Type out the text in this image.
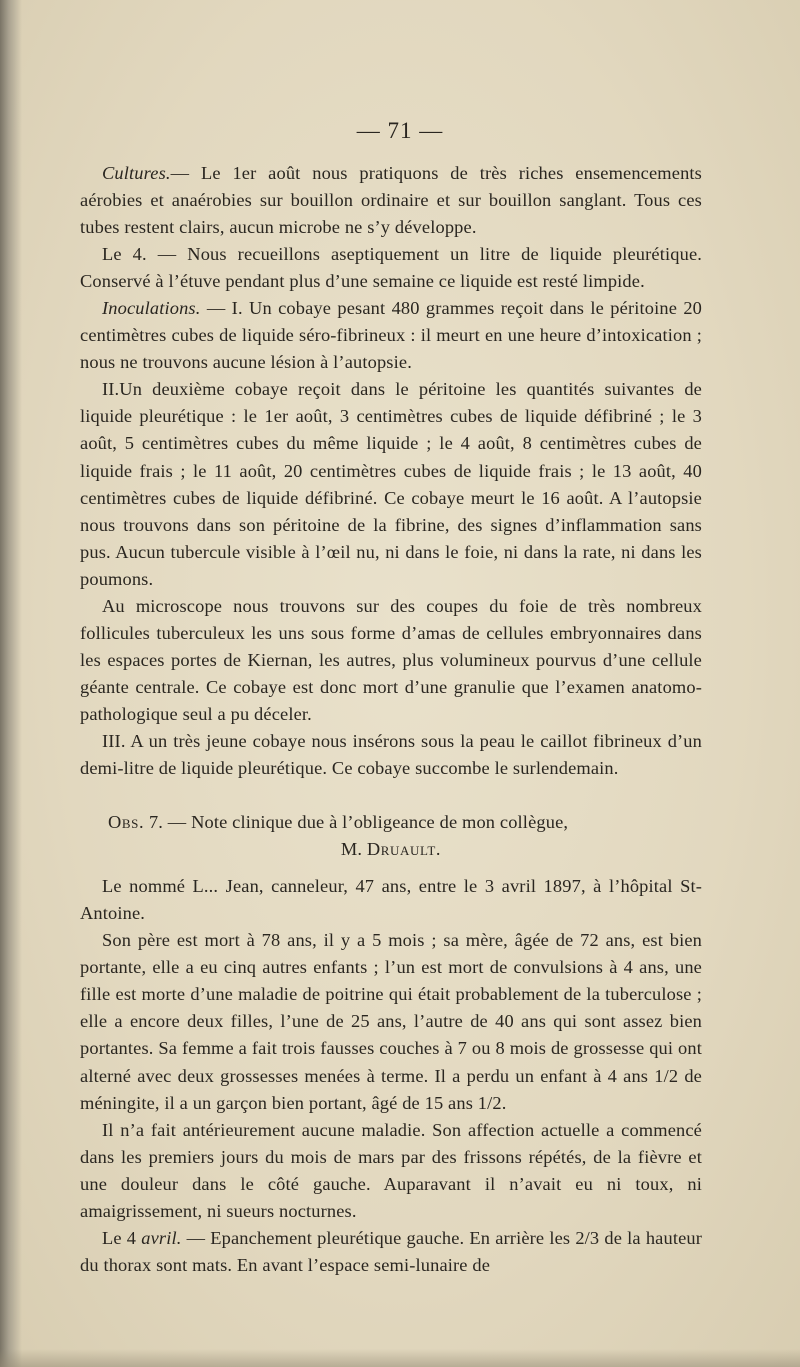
— 71 —

Cultures.— Le 1er août nous pratiquons de très riches ensemencements aérobies et anaérobies sur bouillon ordinaire et sur bouillon sanglant. Tous ces tubes restent clairs, aucun microbe ne s’y développe.

Le 4. — Nous recueillons aseptiquement un litre de liquide pleurétique. Conservé à l’étuve pendant plus d’une semaine ce liquide est resté limpide.

Inoculations. — I. Un cobaye pesant 480 grammes reçoit dans le péritoine 20 centimètres cubes de liquide séro-fibrineux : il meurt en une heure d’intoxication ; nous ne trouvons aucune lésion à l’autopsie.

II.Un deuxième cobaye reçoit dans le péritoine les quantités suivantes de liquide pleurétique : le 1er août, 3 centimètres cubes de liquide défibriné ; le 3 août, 5 centimètres cubes du même liquide ; le 4 août, 8 centimètres cubes de liquide frais ; le 11 août, 20 centimètres cubes de liquide frais ; le 13 août, 40 centimètres cubes de liquide défibriné. Ce cobaye meurt le 16 août. A l’autopsie nous trouvons dans son péritoine de la fibrine, des signes d’inflammation sans pus. Aucun tubercule visible à l’œil nu, ni dans le foie, ni dans la rate, ni dans les poumons.

Au microscope nous trouvons sur des coupes du foie de très nombreux follicules tuberculeux les uns sous forme d’amas de cellules embryonnaires dans les espaces portes de Kiernan, les autres, plus volumineux pourvus d’une cellule géante centrale. Ce cobaye est donc mort d’une granulie que l’examen anatomo-pathologique seul a pu déceler.

III. A un très jeune cobaye nous insérons sous la peau le caillot fibrineux d’un demi-litre de liquide pleurétique. Ce cobaye succombe le surlendemain.

Obs. 7. — Note clinique due à l’obligeance de mon collègue,

M. Druault.

Le nommé L... Jean, canneleur, 47 ans, entre le 3 avril 1897, à l’hôpital St-Antoine.

Son père est mort à 78 ans, il y a 5 mois ; sa mère, âgée de 72 ans, est bien portante, elle a eu cinq autres enfants ; l’un est mort de convulsions à 4 ans, une fille est morte d’une maladie de poitrine qui était probablement de la tuberculose ; elle a encore deux filles, l’une de 25 ans, l’autre de 40 ans qui sont assez bien portantes. Sa femme a fait trois fausses couches à 7 ou 8 mois de grossesse qui ont alterné avec deux grossesses menées à terme. Il a perdu un enfant à 4 ans 1/2 de méningite, il a un garçon bien portant, âgé de 15 ans 1/2.

Il n’a fait antérieurement aucune maladie. Son affection actuelle a commencé dans les premiers jours du mois de mars par des frissons répétés, de la fièvre et une douleur dans le côté gauche. Auparavant il n’avait eu ni toux, ni amaigrissement, ni sueurs nocturnes.

Le 4 avril. — Epanchement pleurétique gauche. En arrière les 2/3 de la hauteur du thorax sont mats. En avant l’espace semi-lunaire de
